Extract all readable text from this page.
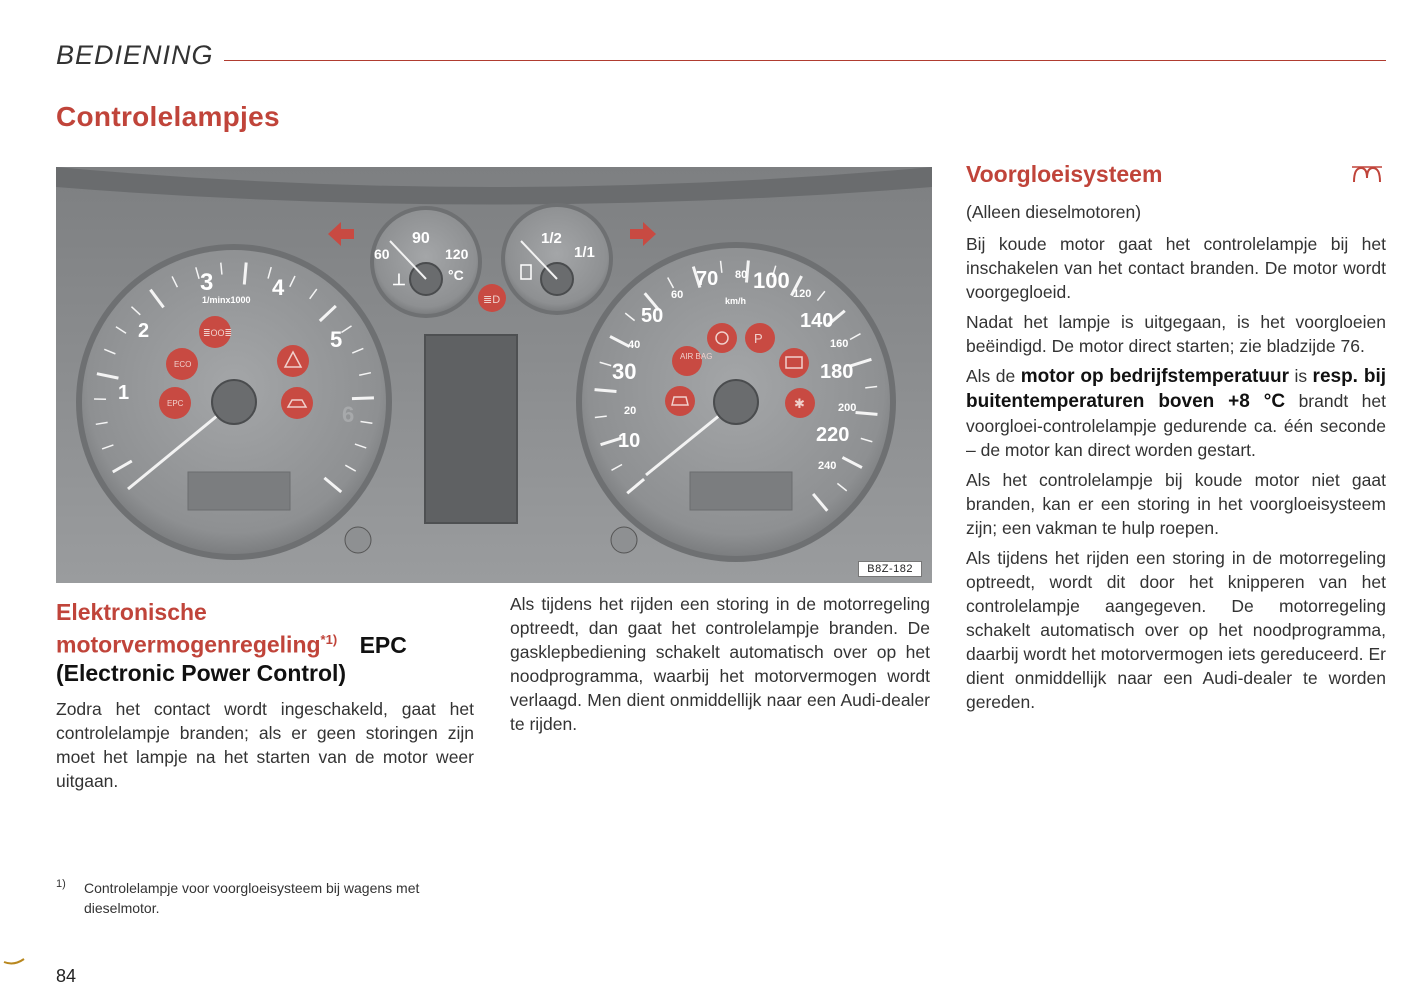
BEDIENING
Controlelampjes
1
2
3	4
5
6
1/minx1000
≣OO≣
ECO
EPC
60
90
120
°C
⊥
1/2
1/1
≣D
10
30
50
70 100
140
180
220
20
40
60
80
120
160
200
240
km/h
P
AIR BAG
✱
B8Z-182
Elektronische
motorvermogenregeling$^{*1)}$ EPC
(Electronic Power Control)

Zodra het contact wordt ingeschakeld, gaat het controlelampje branden; als er geen storingen zijn moet het lampje na het starten van de motor weer uitgaan.

Als tijdens het rijden een storing in de motorregeling optreedt, dan gaat het controlelampje branden. De gasklepbediening schakelt automatisch over op het noodprogramma, waarbij het motorvermogen wordt verlaagd. Men dient onmiddellijk naar een Audi-dealer te rijden.

Voorgloeisysteem
(Alleen dieselmotoren)

Bij koude motor gaat het controlelampje bij het inschakelen van het contact branden. De motor wordt voorgegloeid.

Nadat het lampje is uitgegaan, is het voorgloeien beëindigd. De motor direct starten; zie bladzijde 76.

Als de motor op bedrijfstemperatuur is resp. bij buitentemperaturen boven +8 °C brandt het voorgloei-controlelampje gedurende ca. één seconde – de motor kan direct worden gestart.

Als het controlelampje bij koude motor niet gaat branden, kan er een storing in het voorgloeisysteem zijn; een vakman te hulp roepen.

Als tijdens het rijden een storing in de motorregeling optreedt, wordt dit door het knipperen van het controlelampje aangegeven. De motorregeling schakelt automatisch over op het noodprogramma, daarbij wordt het motorvermogen iets gereduceerd. Er dient onmiddellijk naar een Audi-dealer te worden gereden.

1) Controlelampje voor voorgloeisysteem bij wagens met dieselmotor.
84
